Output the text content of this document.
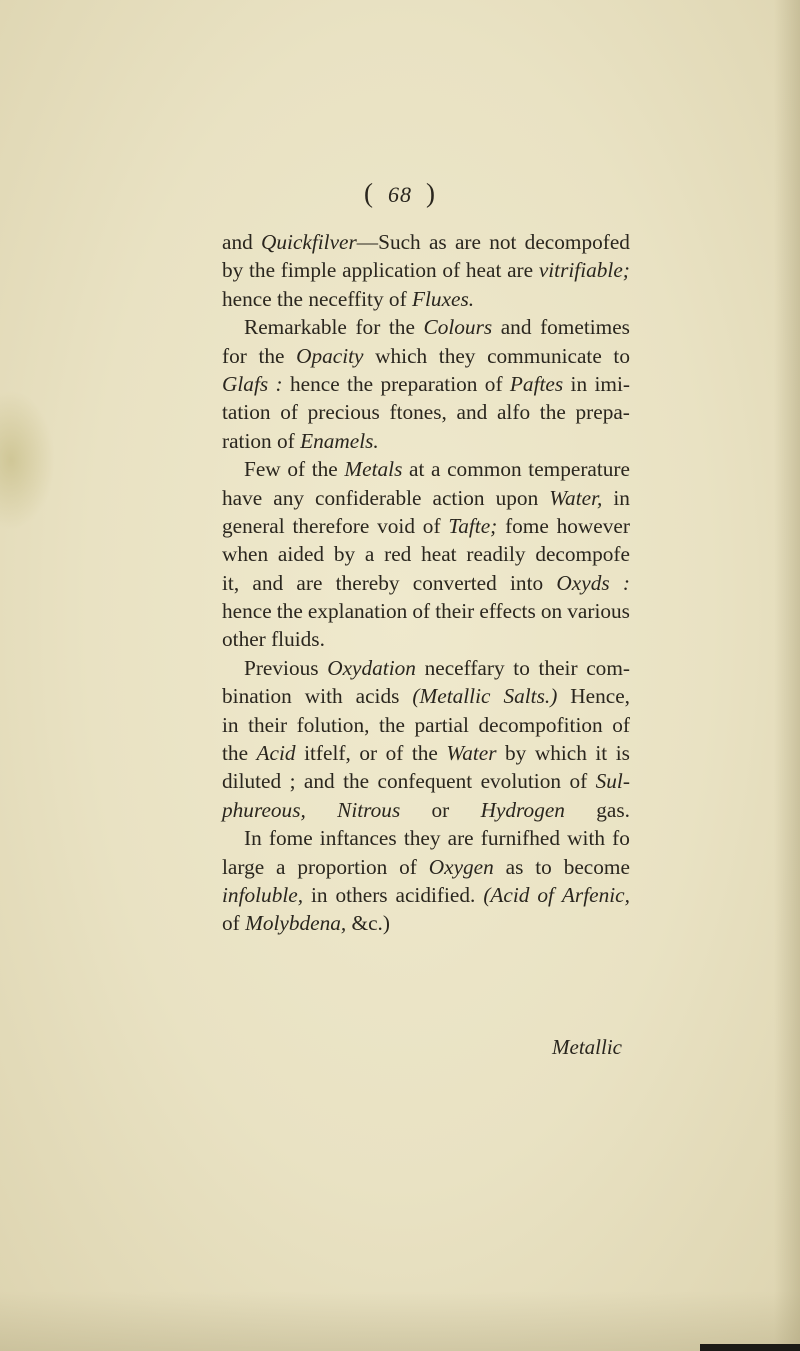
( 68 )
and Quickfilver—Such as are not decompofed
by the fimple application of heat are vitrifiable;
hence the neceffity of Fluxes.
Remarkable for the Colours and fometimes
for the Opacity which they communicate to
Glafs : hence the preparation of Paftes in imi-
tation of precious ftones, and alfo the prepa-
ration of Enamels.
Few of the Metals at a common temperature
have any confiderable action upon Water, in
general therefore void of Tafte; fome however
when aided by a red heat readily decompofe
it, and are thereby converted into Oxyds :
hence the explanation of their effects on various
other fluids.
Previous Oxydation neceffary to their com-
bination with acids (Metallic Salts.) Hence,
in their folution, the partial decompofition of
the Acid itfelf, or of the Water by which it is
diluted ; and the confequent evolution of Sul-
phureous, Nitrous or Hydrogen gas.
In fome inftances they are furnifhed with fo
large a proportion of Oxygen as to become
infoluble, in others acidified. (Acid of Arfenic,
of Molybdena, &c.)
Metallic
